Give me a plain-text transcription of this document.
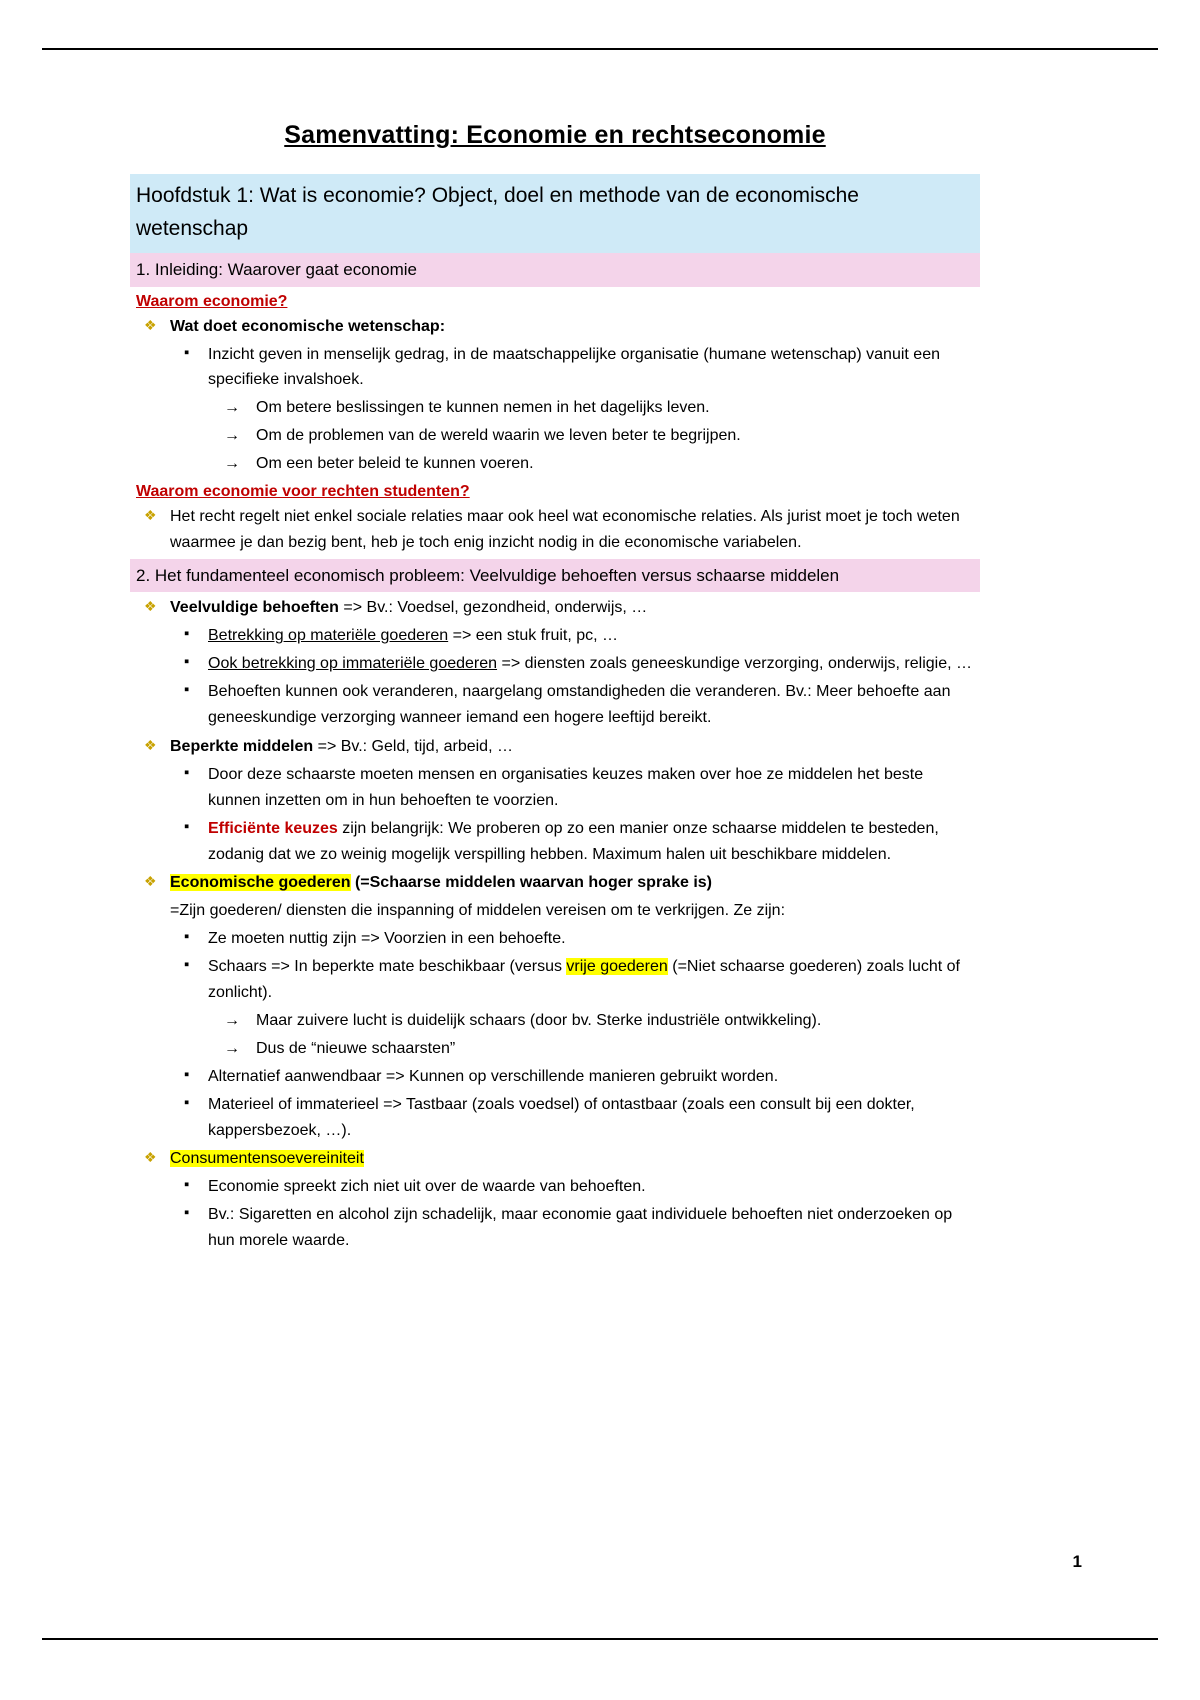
Samenvatting: Economie en rechtseconomie
Hoofdstuk 1: Wat is economie? Object, doel en methode van de economische wetenschap
1. Inleiding: Waarover gaat economie
Waarom economie?
❖ Wat doet economische wetenschap:
▪ Inzicht geven in menselijk gedrag, in de maatschappelijke organisatie (humane wetenschap) vanuit een specifieke invalshoek.
→ Om betere beslissingen te kunnen nemen in het dagelijks leven.
→ Om de problemen van de wereld waarin we leven beter te begrijpen.
→ Om een beter beleid te kunnen voeren.
Waarom economie voor rechten studenten?
❖ Het recht regelt niet enkel sociale relaties maar ook heel wat economische relaties. Als jurist moet je toch weten waarmee je dan bezig bent, heb je toch enig inzicht nodig in die economische variabelen.
2. Het fundamenteel economisch probleem: Veelvuldige behoeften versus schaarse middelen
❖ Veelvuldige behoeften => Bv.: Voedsel, gezondheid, onderwijs, …
▪ Betrekking op materiële goederen => een stuk fruit, pc, …
▪ Ook betrekking op immateriële goederen => diensten zoals geneeskundige verzorging, onderwijs, religie, …
▪ Behoeften kunnen ook veranderen, naargelang omstandigheden die veranderen. Bv.: Meer behoefte aan geneeskundige verzorging wanneer iemand een hogere leeftijd bereikt.
❖ Beperkte middelen => Bv.: Geld, tijd, arbeid, …
▪ Door deze schaarste moeten mensen en organisaties keuzes maken over hoe ze middelen het beste kunnen inzetten om in hun behoeften te voorzien.
▪ Efficiënte keuzes zijn belangrijk: We proberen op zo een manier onze schaarse middelen te besteden, zodanig dat we zo weinig mogelijk verspilling hebben. Maximum halen uit beschikbare middelen.
❖ Economische goederen (=Schaarse middelen waarvan hoger sprake is)
=Zijn goederen/ diensten die inspanning of middelen vereisen om te verkrijgen. Ze zijn:
▪ Ze moeten nuttig zijn => Voorzien in een behoefte.
▪ Schaars => In beperkte mate beschikbaar (versus vrije goederen (=Niet schaarse goederen) zoals lucht of zonlicht).
→ Maar zuivere lucht is duidelijk schaars (door bv. Sterke industriële ontwikkeling).
→ Dus de “nieuwe schaarsten”
▪ Alternatief aanwendbaar => Kunnen op verschillende manieren gebruikt worden.
▪ Materieel of immaterieel => Tastbaar (zoals voedsel) of ontastbaar (zoals een consult bij een dokter, kappersbezoek, …).
❖ Consumentensoevereiniteit
▪ Economie spreekt zich niet uit over de waarde van behoeften.
▪ Bv.: Sigaretten en alcohol zijn schadelijk, maar economie gaat individuele behoeften niet onderzoeken op hun morele waarde.
1
